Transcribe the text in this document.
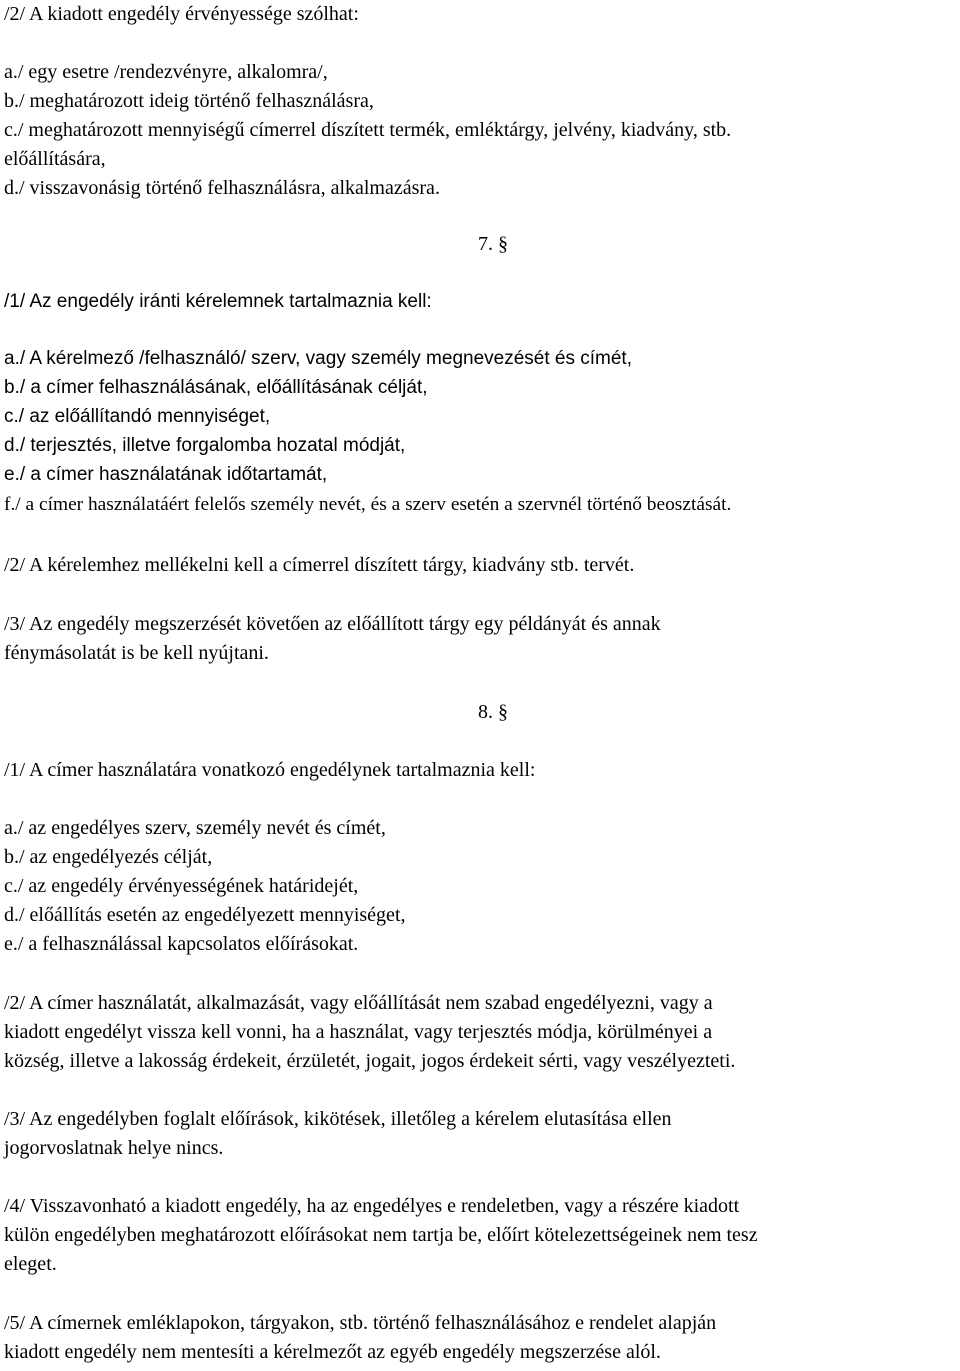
/2/ A kiadott engedély érvényessége szólhat:
a./ egy esetre /rendezvényre, alkalomra/,
b./ meghatározott ideig történő felhasználásra,
c./ meghatározott mennyiségű címerrel díszített termék, emléktárgy, jelvény, kiadvány, stb.
előállítására,
d./ visszavonásig történő felhasználásra, alkalmazásra.
7. §
/1/ Az engedély iránti kérelemnek tartalmaznia kell:
a./ A kérelmező /felhasználó/ szerv, vagy személy megnevezését és címét,
b./ a címer felhasználásának, előállításának célját,
c./ az előállítandó mennyiséget,
d./ terjesztés, illetve forgalomba hozatal módját,
e./ a címer használatának időtartamát,
f./ a címer használatáért felelős személy nevét, és a szerv esetén a szervnél történő beosztását.
/2/ A kérelemhez mellékelni kell a címerrel díszített tárgy, kiadvány stb. tervét.
/3/ Az engedély megszerzését követően az előállított tárgy egy példányát és annak
fénymásolatát is be kell nyújtani.
8. §
/1/ A címer használatára vonatkozó engedélynek tartalmaznia kell:
a./ az engedélyes szerv, személy nevét és címét,
b./ az engedélyezés célját,
c./ az engedély érvényességének határidejét,
d./ előállítás esetén az engedélyezett mennyiséget,
e./ a felhasználással kapcsolatos előírásokat.
/2/ A címer használatát, alkalmazását, vagy előállítását nem szabad engedélyezni, vagy a
kiadott engedélyt vissza kell vonni, ha a használat, vagy terjesztés módja, körülményei a
község, illetve a lakosság érdekeit, érzületét, jogait, jogos érdekeit sérti, vagy veszélyezteti.
/3/ Az engedélyben foglalt előírások, kikötések, illetőleg a kérelem elutasítása ellen
jogorvoslatnak helye nincs.
/4/ Visszavonható a kiadott engedély, ha az engedélyes e rendeletben, vagy a részére kiadott
külön engedélyben meghatározott előírásokat nem tartja be, előírt kötelezettségeinek nem tesz
eleget.
/5/ A címernek emléklapokon, tárgyakon, stb. történő felhasználásához e rendelet alapján
kiadott engedély nem mentesíti a kérelmezőt az egyéb engedély megszerzése alól.
